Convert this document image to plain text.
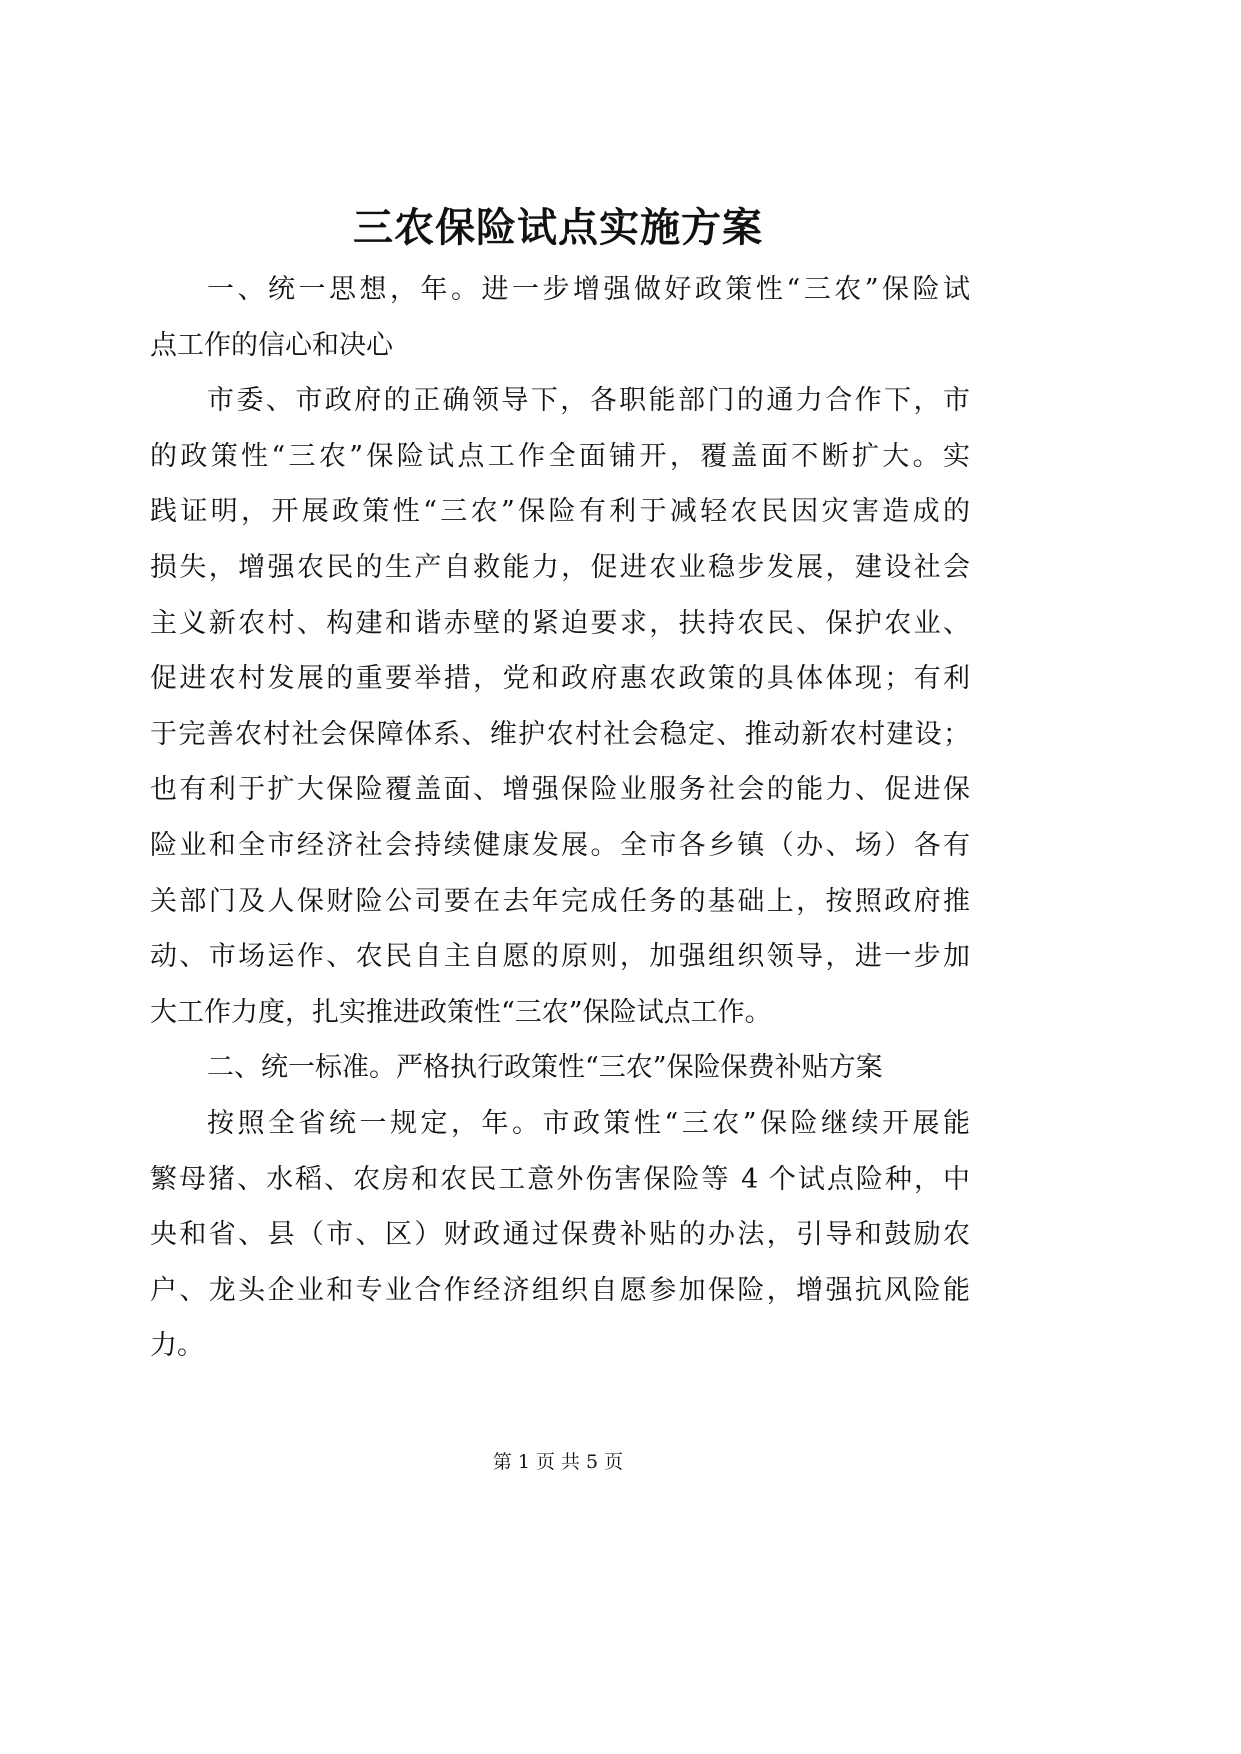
三农保险试点实施方案
一、统一思想，年。进一步增强做好政策性“三农”保险试
点工作的信心和决心
市委、市政府的正确领导下，各职能部门的通力合作下，市
的政策性“三农”保险试点工作全面铺开，覆盖面不断扩大。实
践证明，开展政策性“三农”保险有利于减轻农民因灾害造成的
损失，增强农民的生产自救能力，促进农业稳步发展，建设社会
主义新农村、构建和谐赤壁的紧迫要求，扶持农民、保护农业、
促进农村发展的重要举措，党和政府惠农政策的具体体现；有利
于完善农村社会保障体系、维护农村社会稳定、推动新农村建设；
也有利于扩大保险覆盖面、增强保险业服务社会的能力、促进保
险业和全市经济社会持续健康发展。全市各乡镇（办、场）各有
关部门及人保财险公司要在去年完成任务的基础上，按照政府推
动、市场运作、农民自主自愿的原则，加强组织领导，进一步加
大工作力度，扎实推进政策性“三农”保险试点工作。
二、统一标准。严格执行政策性“三农”保险保费补贴方案
按照全省统一规定，年。市政策性“三农”保险继续开展能
繁母猪、水稻、农房和农民工意外伤害保险等 4 个试点险种，中
央和省、县（市、区）财政通过保费补贴的办法，引导和鼓励农
户、龙头企业和专业合作经济组织自愿参加保险，增强抗风险能
力。
第 1 页 共 5 页
